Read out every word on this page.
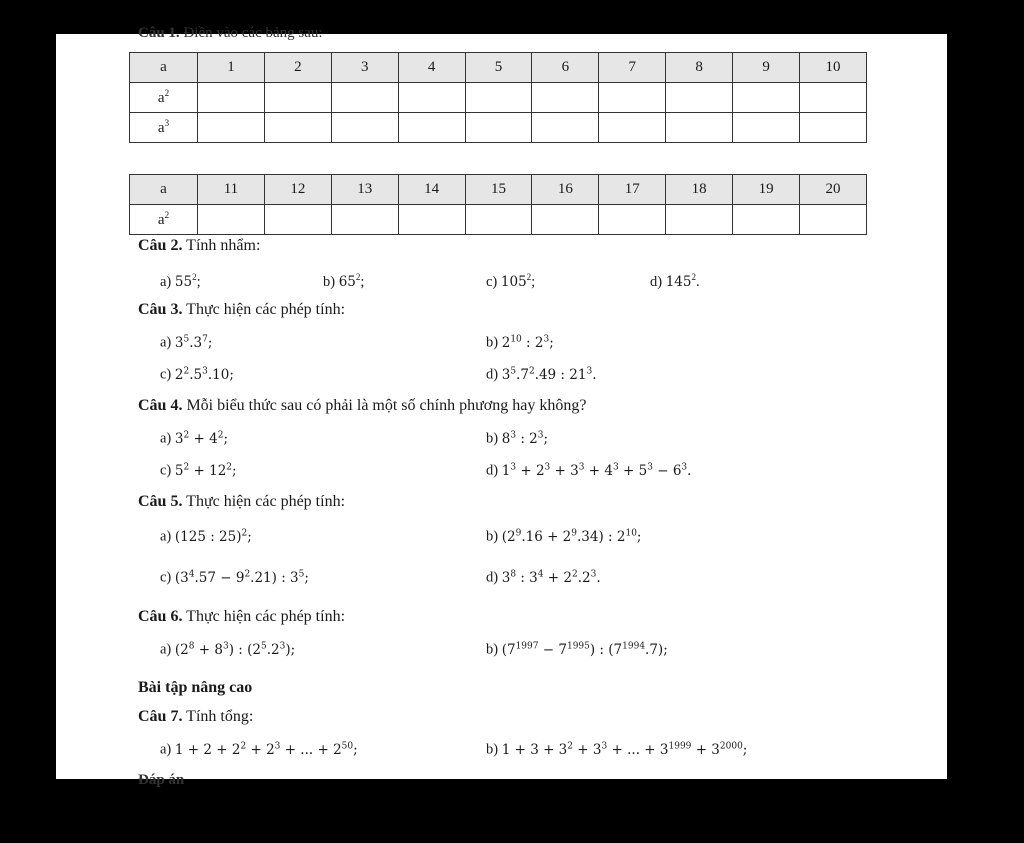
Câu 1. Điền vào các bảng sau:
a	1	2	3	4	5	6	7	8	9	10
$a^2$										
$a^3$										
a	11	12	13	14	15	16	17	18	19	20
$a^2$										
Câu 2. Tính nhẩm:
a) $55^2$;	b) $65^2$;	c) $105^2$;	d) $145^2$.
Câu 3. Thực hiện các phép tính:
a) $3^5.3^7$;	b) $2^{10}$ : $2^3$;
c) $2^2.5^3.10$;	d) $3^5.7^2.49$ : $21^3$.
Câu 4. Mỗi biểu thức sau có phải là một số chính phương hay không?
a) $3^2 + 4^2$;	b) $8^3$ : $2^3$;
c) $5^2 + 12^2$;	d) $1^3 + 2^3 + 3^3 + 4^3 + 5^3 - 6^3$.
Câu 5. Thực hiện các phép tính:
a) (125 : 25)$^2$;	b) $(2^9.16 + 2^9.34)$ : $2^{10}$;
c) $(3^4.57 - 9^2.21)$ : $3^5$;	d) $3^8$ : $3^4 + 2^2.2^3$.
Câu 6. Thực hiện các phép tính:
a) $(2^8 + 8^3)$ : $(2^5.2^3)$;	b) $(7^{1997} - 7^{1995})$ : $(7^{1994}.7)$;
Bài tập nâng cao
Câu 7. Tính tổng:
a) $1 + 2 + 2^2 + 2^3$ + ... + $2^{50}$;	b) $1 + 3 + 3^2 + 3^3$ + ... + $3^{1999} + 3^{2000}$;
Đáp án
